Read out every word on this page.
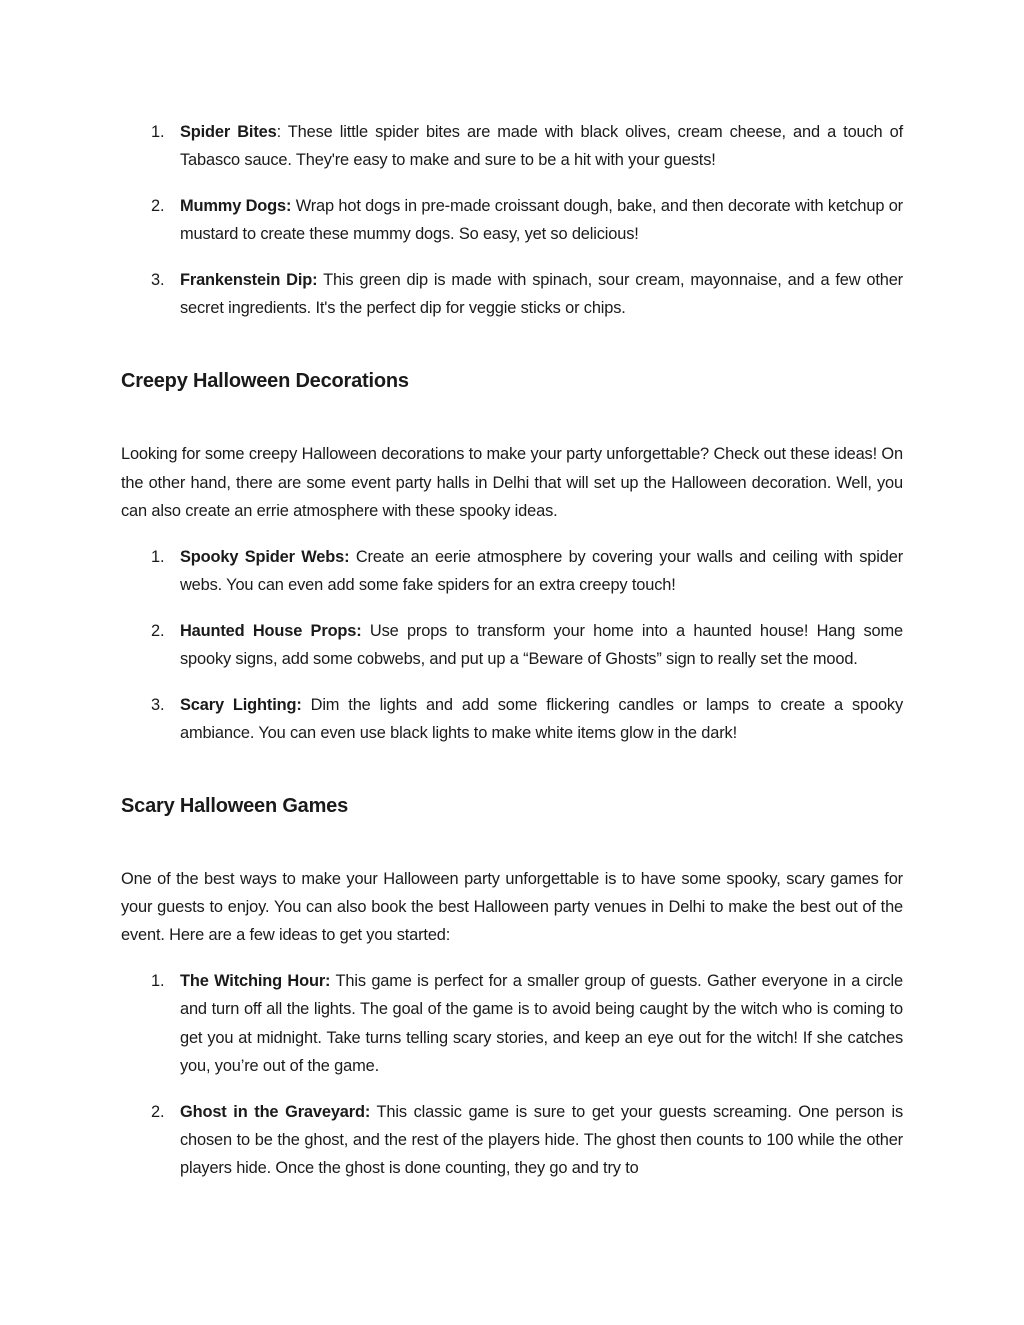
1. Spider Bites: These little spider bites are made with black olives, cream cheese, and a touch of Tabasco sauce. They're easy to make and sure to be a hit with your guests!
2. Mummy Dogs: Wrap hot dogs in pre-made croissant dough, bake, and then decorate with ketchup or mustard to create these mummy dogs. So easy, yet so delicious!
3. Frankenstein Dip: This green dip is made with spinach, sour cream, mayonnaise, and a few other secret ingredients. It's the perfect dip for veggie sticks or chips.
Creepy Halloween Decorations

Looking for some creepy Halloween decorations to make your party unforgettable? Check out these ideas! On the other hand, there are some event party halls in Delhi that will set up the Halloween decoration. Well, you can also create an errie atmosphere with these spooky ideas.

1. Spooky Spider Webs: Create an eerie atmosphere by covering your walls and ceiling with spider webs. You can even add some fake spiders for an extra creepy touch!
2. Haunted House Props: Use props to transform your home into a haunted house! Hang some spooky signs, add some cobwebs, and put up a “Beware of Ghosts” sign to really set the mood.
3. Scary Lighting: Dim the lights and add some flickering candles or lamps to create a spooky ambiance. You can even use black lights to make white items glow in the dark!
Scary Halloween Games

One of the best ways to make your Halloween party unforgettable is to have some spooky, scary games for your guests to enjoy. You can also book the best Halloween party venues in Delhi to make the best out of the event. Here are a few ideas to get you started:

1. The Witching Hour: This game is perfect for a smaller group of guests. Gather everyone in a circle and turn off all the lights. The goal of the game is to avoid being caught by the witch who is coming to get you at midnight. Take turns telling scary stories, and keep an eye out for the witch! If she catches you, you’re out of the game.
2. Ghost in the Graveyard: This classic game is sure to get your guests screaming. One person is chosen to be the ghost, and the rest of the players hide. The ghost then counts to 100 while the other players hide. Once the ghost is done counting, they go and try to
